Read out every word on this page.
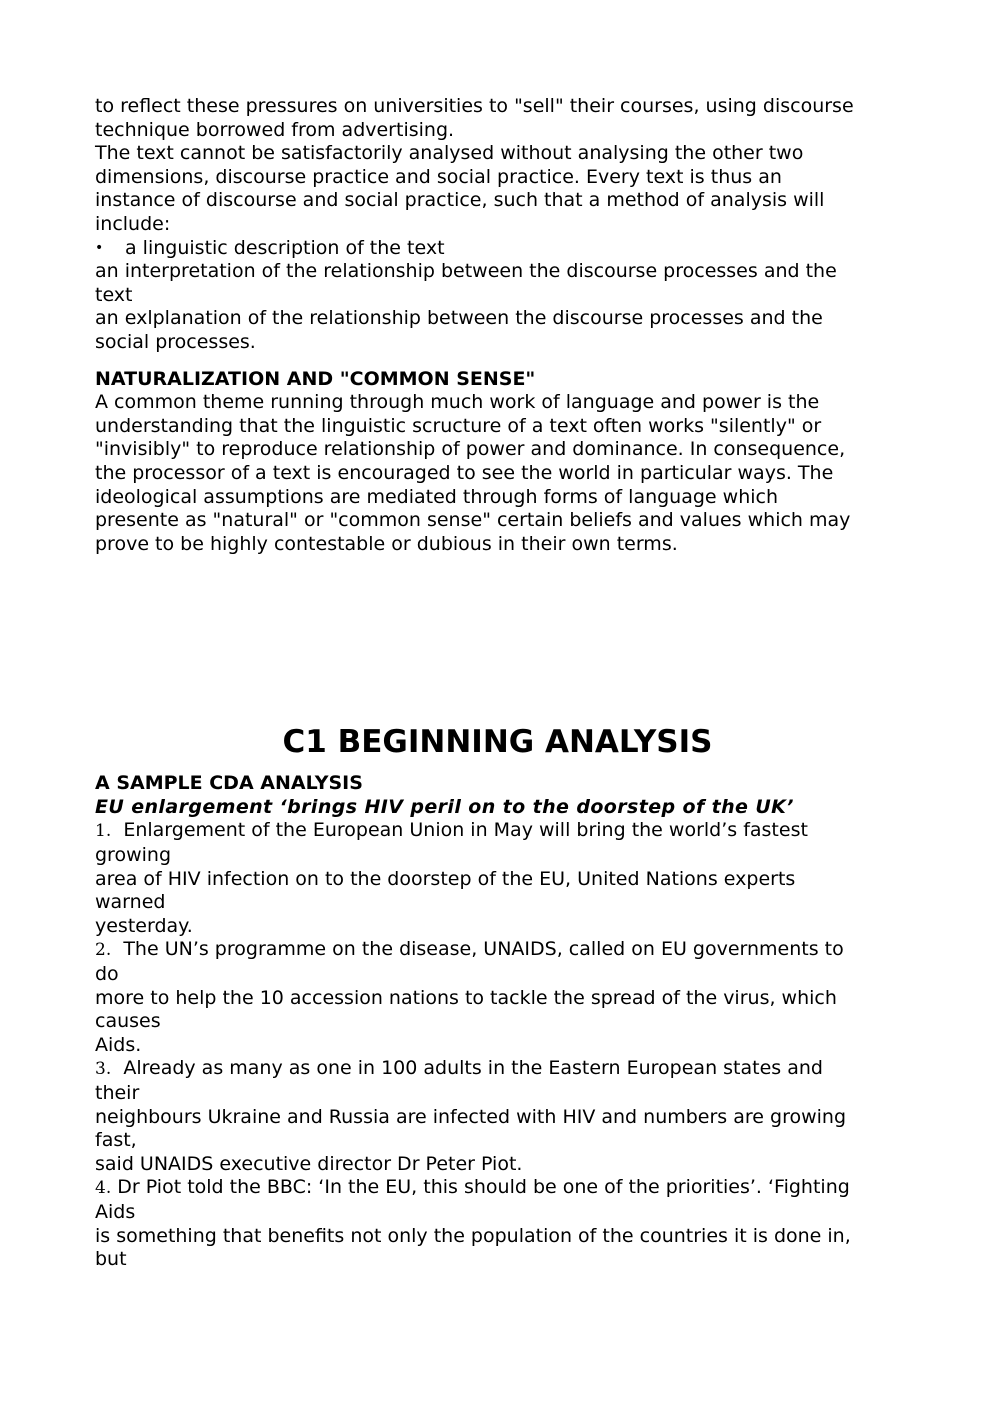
to reflect these pressures on universities to "sell" their courses, using discourse
technique borrowed from advertising.
The text cannot be satisfactorily analysed without analysing the other two
dimensions, discourse practice and social practice. Every text is thus an
instance of discourse and social practice, such that a method of analysis will
include:
•	a linguistic description of the text
an interpretation of the relationship between the discourse processes and the
text
an exlplanation of the relationship between the discourse processes and the
social processes.
NATURALIZATION AND "COMMON SENSE"
A common theme running through much work of language and power is the
understanding that the linguistic scructure of a text often works "silently" or
"invisibly" to reproduce relationship of power and dominance. In consequence,
the processor of a text is encouraged to see the world in particular ways. The
ideological assumptions are mediated through forms of language which
presente as "natural" or "common sense" certain beliefs and values which may
prove to be highly contestable or dubious in their own terms.
C1 BEGINNING ANALYSIS
A SAMPLE CDA ANALYSIS
EU enlargement ‘brings HIV peril on to the doorstep of the UK’
1. Enlargement of the European Union in May will bring the world’s fastest
growing
area of HIV infection on to the doorstep of the EU, United Nations experts
warned
yesterday.
2. The UN’s programme on the disease, UNAIDS, called on EU governments to
do
more to help the 10 accession nations to tackle the spread of the virus, which
causes
Aids.
3. Already as many as one in 100 adults in the Eastern European states and
their
neighbours Ukraine and Russia are infected with HIV and numbers are growing
fast,
said UNAIDS executive director Dr Peter Piot.
4. Dr Piot told the BBC: ‘In the EU, this should be one of the priorities’. ‘Fighting
Aids
is something that benefits not only the population of the countries it is done in,
but
